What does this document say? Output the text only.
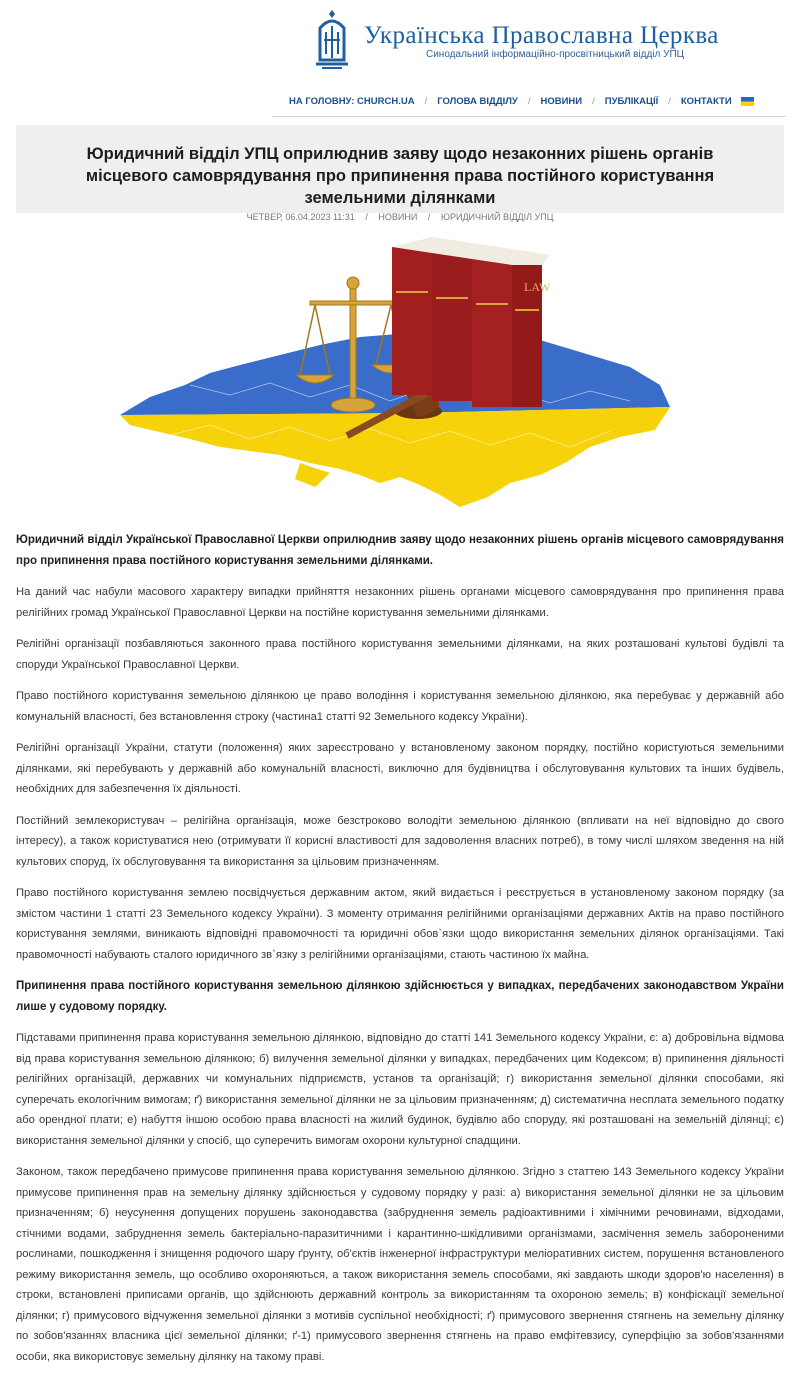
Українська Православна Церква
Синодальний інформаційно-просвітницький відділ УПЦ
НА ГОЛОВНУ: CHURCH.UA / ГОЛОВА ВІДДІЛУ / НОВИНИ / ПУБЛІКАЦІЇ / КОНТАКТИ
Юридичний відділ УПЦ оприлюднив заяву щодо незаконних рішень органів місцевого самоврядування про припинення права постійного користування земельними ділянками
ЧЕТВЕР, 06.04.2023 11:31 / НОВИНИ / ЮРИДИЧНИЙ ВІДДІЛ УПЦ
LAW

Юридичний відділ Української Православної Церкви оприлюднив заяву щодо незаконних рішень органів місцевого самоврядування про припинення права постійного користування земельними ділянками.

На даний час набули масового характеру випадки прийняття незаконних рішень органами місцевого самоврядування про припинення права релігійних громад Української Православної Церкви на постійне користування земельними ділянками.

Релігійні організації позбавляються законного права постійного користування земельними ділянками, на яких розташовані культові будівлі та споруди Української Православної Церкви.

Право постійного користування земельною ділянкою це право володіння і користування земельною ділянкою, яка перебуває у державній або комунальній власності, без встановлення строку (частина1 статті 92 Земельного кодексу України).

Релігійні організації України, статути (положення) яких зареєстровано у встановленому законом порядку, постійно користуються земельними ділянками, які перебувають у державній або комунальній власності, виключно для будівництва і обслуговування культових та інших будівель, необхідних для забезпечення їх діяльності.

Постійний землекористувач – релігійна організація, може безстроково володіти земельною ділянкою (впливати на неї відповідно до свого інтересу), а також користуватися нею (отримувати її корисні властивості для задоволення власних потреб), в тому числі шляхом зведення на ній культових споруд, їх обслуговування та використання за цільовим призначенням.

Право постійного користування землею посвідчується державним актом, який видається і реєструється в установленому законом порядку (за змістом частини 1 статті 23 Земельного кодексу України). З моменту отримання релігійними організаціями державних Актів на право постійного користування землями, виникають відповідні правомочності та юридичні обов`язки щодо використання земельних ділянок організаціями. Такі правомочності набувають сталого юридичного зв`язку з релігійними організаціями, стають частиною їх майна.

Припинення права постійного користування земельною ділянкою здійснюється у випадках, передбачених законодавством України лише у судовому порядку.

Підставами припинення права користування земельною ділянкою, відповідно до статті 141 Земельного кодексу України, є: а) добровільна відмова від права користування земельною ділянкою; б) вилучення земельної ділянки у випадках, передбачених цим Кодексом; в) припинення діяльності релігійних організацій, державних чи комунальних підприємств, установ та організацій; г) використання земельної ділянки способами, які суперечать екологічним вимогам; ґ) використання земельної ділянки не за цільовим призначенням; д) систематична несплата земельного податку або орендної плати; е) набуття іншою особою права власності на жилий будинок, будівлю або споруду, які розташовані на земельній ділянці; є) використання земельної ділянки у спосіб, що суперечить вимогам охорони культурної спадщини.

Законом, також передбачено примусове припинення права користування земельною ділянкою. Згідно з статтею 143 Земельного кодексу України примусове припинення прав на земельну ділянку здійснюється у судовому порядку у разі: а) використання земельної ділянки не за цільовим призначенням; б) неусунення допущених порушень законодавства (забруднення земель радіоактивними і хімічними речовинами, відходами, стічними водами, забруднення земель бактеріально-паразитичними і карантинно-шкідливими організмами, засмічення земель забороненими рослинами, пошкодження і знищення родючого шару ґрунту, об'єктів інженерної інфраструктури меліоративних систем, порушення встановленого режиму використання земель, що особливо охороняються, а також використання земель способами, які завдають шкоди здоров'ю населення) в строки, встановлені приписами органів, що здійснюють державний контроль за використанням та охороною земель; в) конфіскації земельної ділянки; г) примусового відчуження земельної ділянки з мотивів суспільної необхідності; ґ) примусового звернення стягнень на земельну ділянку по зобов'язаннях власника цієї земельної ділянки; ґ-1) примусового звернення стягнень на право емфітевзису, суперфіцію за зобов'язаннями особи, яка використовує земельну ділянку на такому праві.
